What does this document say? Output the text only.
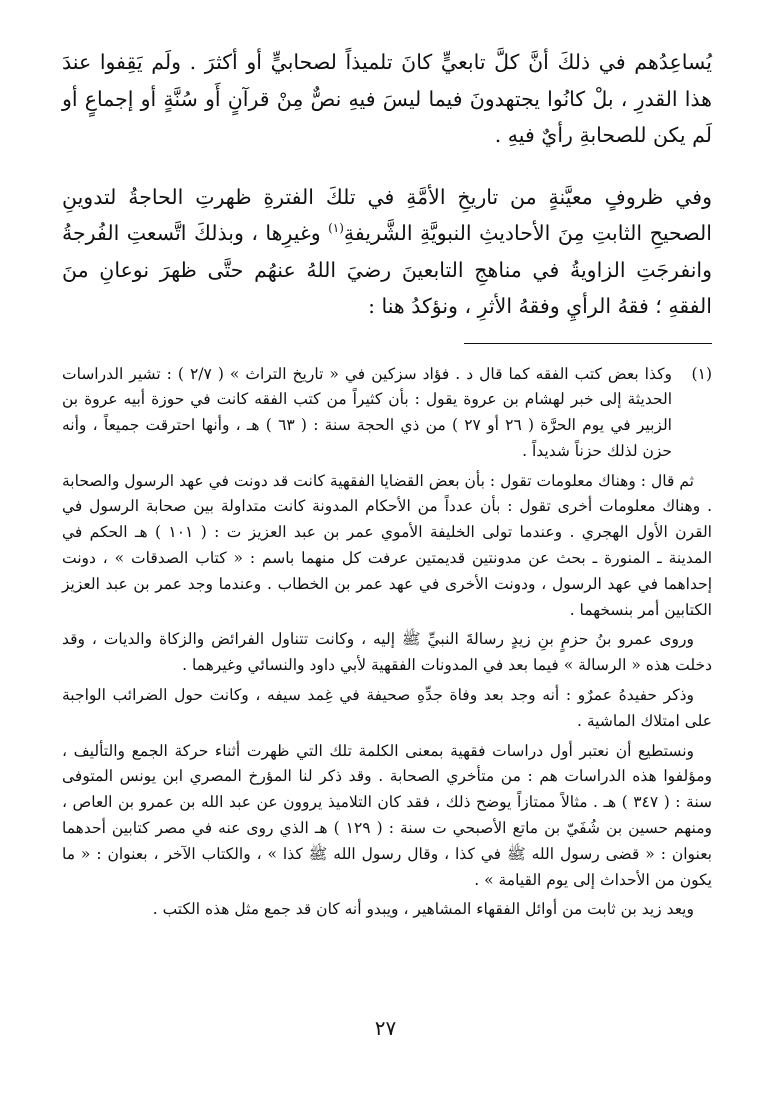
يُساعِدُهم في ذلكَ أنَّ كلَّ تابعيٍّ كانَ تلميذاً لصحابيٍّ أو أكثرَ . ولَم يَقِفوا عندَ هذا القدرِ ، بلْ كانُوا يجتهدونَ فيما ليسَ فيهِ نصٌّ مِنْ قرآنٍ أَو سُنَّةٍ أو إجماعٍ أو لَم يكن للصحابةِ رأيٌ فيهِ .

وفي ظروفٍ معيَّنةٍ من تاريخِ الأمَّةِ في تلكَ الفترةِ ظهرتِ الحاجةُ لتدوينِ الصحيحِ الثابتِ مِنَ الأحاديثِ النبويَّةِ الشَّريفةِ$^{(١)}$ وغيرِها ، وبذلكَ اتَّسعتِ الفُرجةُ وانفرجَتِ الزاويةُ في مناهجِ التابعينَ رضيَ اللهُ عنهُم حتَّى ظهرَ نوعانِ منَ الفقهِ ؛ فقهُ الرأيِ وفقهُ الأثرِ ، ونؤكدُ هنا :

(١)
وكذا بعض كتب الفقه كما قال د . فؤاد سزكين في « تاريخ التراث » ( ٢/٧ ) : تشير الدراسات الحديثة إلى خبر لهشام بن عروة يقول : بأن كثيراً من كتب الفقه كانت في حوزة أبيه عروة بن الزبير في يوم الحرَّة ( ٢٦ أو ٢٧ ) من ذي الحجة سنة : ( ٦٣ ) هـ ، وأنها احترقت جميعاً ، وأنه حزن لذلك حزناً شديداً .

ثم قال : وهناك معلومات تقول : بأن بعض القضايا الفقهية كانت قد دونت في عهد الرسول والصحابة . وهناك معلومات أخرى تقول : بأن عدداً من الأحكام المدونة كانت متداولة بين صحابة الرسول في القرن الأول الهجري . وعندما تولى الخليفة الأموي عمر بن عبد العزيز ت : ( ١٠١ ) هـ الحكم في المدينة ـ المنورة ـ بحث عن مدونتين قديمتين عرفت كل منهما باسم : « كتاب الصدقات » ، دونت إحداهما في عهد الرسول ، ودونت الأخرى في عهد عمر بن الخطاب . وعندما وجد عمر بن عبد العزيز الكتابين أمر بنسخهما .

وروى عمرو بنُ حزمٍ بنِ زيدٍ رسالةَ النبيِّ ﷺ إليه ، وكانت تتناول الفرائض والزكاة والديات ، وقد دخلت هذه « الرسالة » فيما بعد في المدونات الفقهية لأبي داود والنسائي وغيرهما .

وذكر حفيدهُ عمرٌو : أنه وجد بعد وفاة جدِّهِ صحيفة في غِمد سيفه ، وكانت حول الضرائب الواجبة على امتلاك الماشية .

ونستطيع أن نعتبر أول دراسات فقهية بمعنى الكلمة تلك التي ظهرت أثناء حركة الجمع والتأليف ، ومؤلفوا هذه الدراسات هم : من متأخري الصحابة . وقد ذكر لنا المؤرخ المصري ابن يونس المتوفى سنة : ( ٣٤٧ ) هـ . مثالاً ممتازاً يوضح ذلك ، فقد كان التلاميذ يروون عن عبد الله بن عمرو بن العاص ، ومنهم حسين بن شُفَيّ بن ماتع الأصبحي ت سنة : ( ١٢٩ ) هـ الذي روى عنه في مصر كتابين أحدهما بعنوان : « قضى رسول الله ﷺ في كذا ، وقال رسول الله ﷺ كذا » ، والكتاب الآخر ، بعنوان : « ما يكون من الأحداث إلى يوم القيامة » .

ويعد زيد بن ثابت من أوائل الفقهاء المشاهير ، ويبدو أنه كان قد جمع مثل هذه الكتب .

٢٧
